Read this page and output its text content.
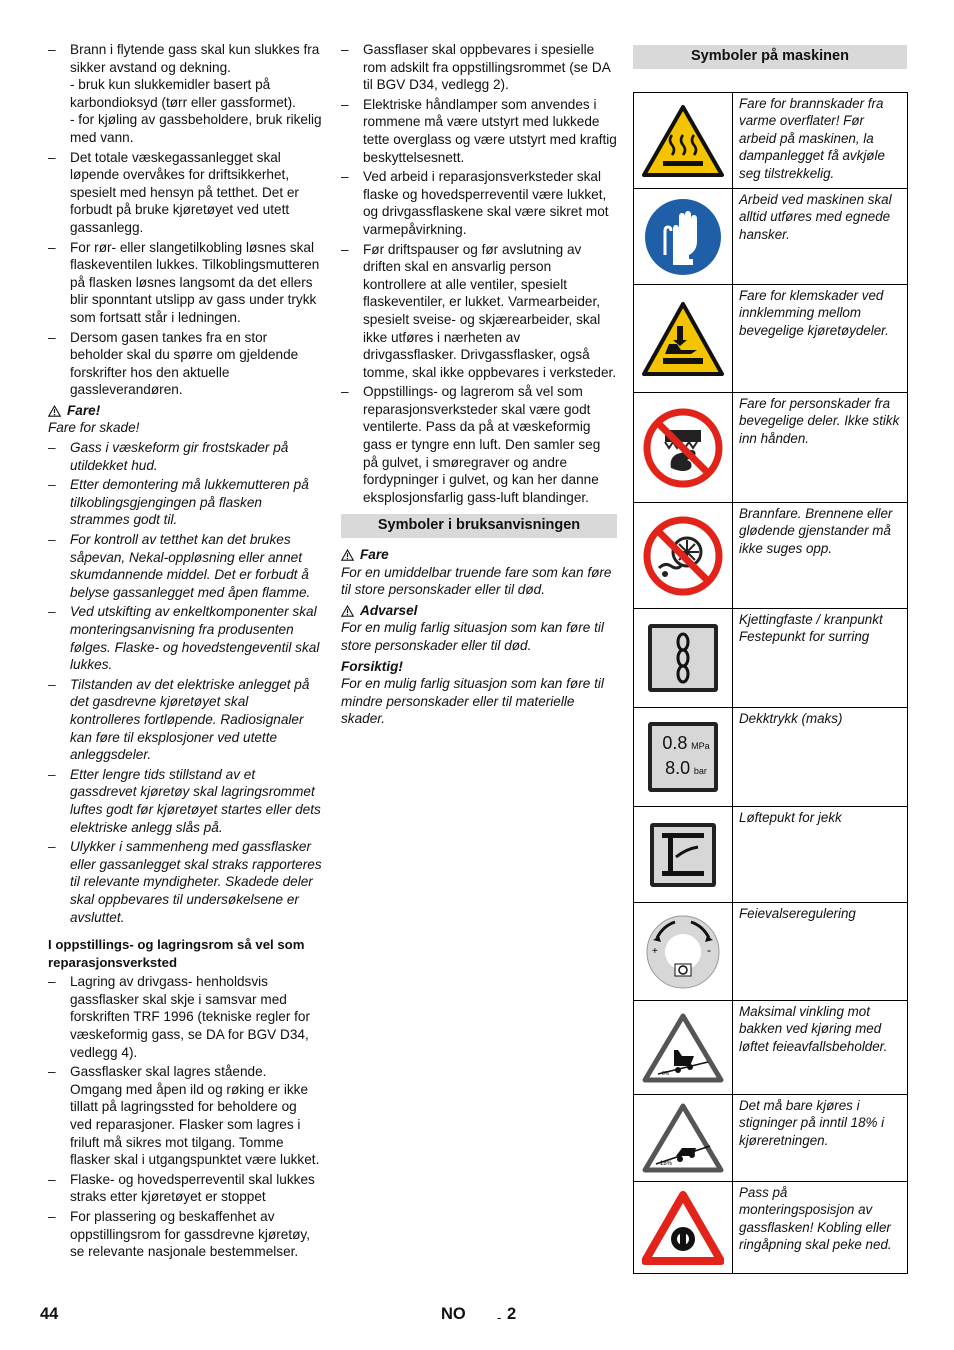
– Brann i flytende gass skal kun slukkes fra sikker avstand og dekning.
- bruk kun slukkemidler basert på karbondioksyd (tørr eller gassformet).
- for kjøling av gassbeholdere, bruk rikelig med vann.
– Det totale væskegassanlegget skal løpende overvåkes for driftsikkerhet, spesielt med hensyn på tetthet. Det er forbudt på bruke kjøretøyet ved utett gassanlegg.
– For rør- eller slangetilkobling løsnes skal flaskeventilen lukkes. Tilkoblingsmutteren på flasken løsnes langsomt da det ellers blir sponntant utslipp av gass under trykk som fortsatt står i ledningen.
– Dersom gasen tankes fra en stor beholder skal du spørre om gjeldende forskrifter hos den aktuelle gassleverandøren.
Fare!

Fare for skade!

– Gass i væskeform gir frostskader på utildekket hud.
– Etter demontering må lukkemutteren på tilkoblingsgjengingen på flasken strammes godt til.
– For kontroll av tetthet kan det brukes såpevan, Nekal-oppløsning eller annet skumdannende middel. Det er forbudt å belyse gassanlegget med åpen flamme.
– Ved utskifting av enkeltkomponenter skal monteringsanvisning fra produsenten følges. Flaske- og hovedstengeventil skal lukkes.
– Tilstanden av det elektriske anlegget på det gasdrevne kjøretøyet skal kontrolleres fortløpende. Radiosignaler kan føre til eksplosjoner ved utette anleggsdeler.
– Etter lengre tids stillstand av et gassdrevet kjøretøy skal lagringsrommet luftes godt før kjøretøyet startes eller dets elektriske anlegg slås på.
– Ulykker i sammenheng med gassflasker eller gassanlegget skal straks rapporteres til relevante myndigheter. Skadede deler skal oppbevares til undersøkelsene er avsluttet.
I oppstillings- og lagringsrom så vel som reparasjonsverksted
– Lagring av drivgass- henholdsvis gassflasker skal skje i samsvar med forskriften TRF 1996 (tekniske regler for væskeformig gass, se DA for BGV D34, vedlegg 4).
– Gassflasker skal lagres stående. Omgang med åpen ild og røking er ikke tillatt på lagringssted for beholdere og ved reparasjoner. Flasker som lagres i friluft må sikres mot tilgang. Tomme flasker skal i utgangspunktet være lukket.
– Flaske- og hovedsperreventil skal lukkes straks etter kjøretøyet er stoppet
– For plassering og beskaffenhet av oppstillingsrom for gassdrevne kjøretøy, se relevante nasjonale bestemmelser.
– Gassflaser skal oppbevares i spesielle rom adskilt fra oppstillingsrommet (se DA til BGV D34, vedlegg 2).
– Elektriske håndlamper som anvendes i rommene må være utstyrt med lukkede tette overglass og være utstyrt med kraftig beskyttelsesnett.
– Ved arbeid i reparasjonsverksteder skal flaske og hovedsperreventil være lukket, og drivgassflaskene skal være sikret mot varmepåvirkning.
– Før driftspauser og før avslutning av driften skal en ansvarlig person kontrollere at alle ventiler, spesielt flaskeventiler, er lukket. Varmearbeider, spesielt sveise- og skjærearbeider, skal ikke utføres i nærheten av drivgassflasker. Drivgassflasker, også tomme, skal ikke oppbevares i verksteder.
– Oppstillings- og lagrerom så vel som reparasjonsverksteder skal være godt ventilerte. Pass da på at væskeformig gass er tyngre enn luft. Den samler seg på gulvet, i smøregraver og andre fordypninger i gulvet, og kan her danne eksplosjonsfarlig gass-luft blandinger.
Symboler i bruksanvisningen
Fare

For en umiddelbar truende fare som kan føre til store personskader eller til død.

Advarsel

For en mulig farlig situasjon som kan føre til store personskader eller til død.

Forsiktig!

For en mulig farlig situasjon som kan føre til mindre personskader eller til materielle skader.

Symboler på maskinen
	Fare for brannskader fra varme overflater! Før arbeid på maskinen, la dampanlegget få avkjøle seg tilstrekkelig.

	Arbeid ved maskinen skal alltid utføres med egnede hansker.

	Fare for klemskader ved innklemming mellom bevegelige kjøretøydeler.

	Fare for personskader fra bevegelige deler. Ikke stikk inn hånden.

	Brannfare. Brennene eller glødende gjenstander må ikke suges opp.

	Kjettingfaste / kranpunkt Festepunkt for surring

0.8 MPa
8.0 bar	Dekktrykk (maks)

	Løftepukt for jekk

+ -	Feievalseregulering

0%	Maksimal vinkling mot bakken ved kjøring med løftet feieavfallsbeholder.

18%	Det må bare kjøres i stigninger på inntil 18% i kjøreretningen.

	Pass på monteringsposisjon av gassflasken! Kobling eller ringåpning skal peke ned.
44	NO - 2
